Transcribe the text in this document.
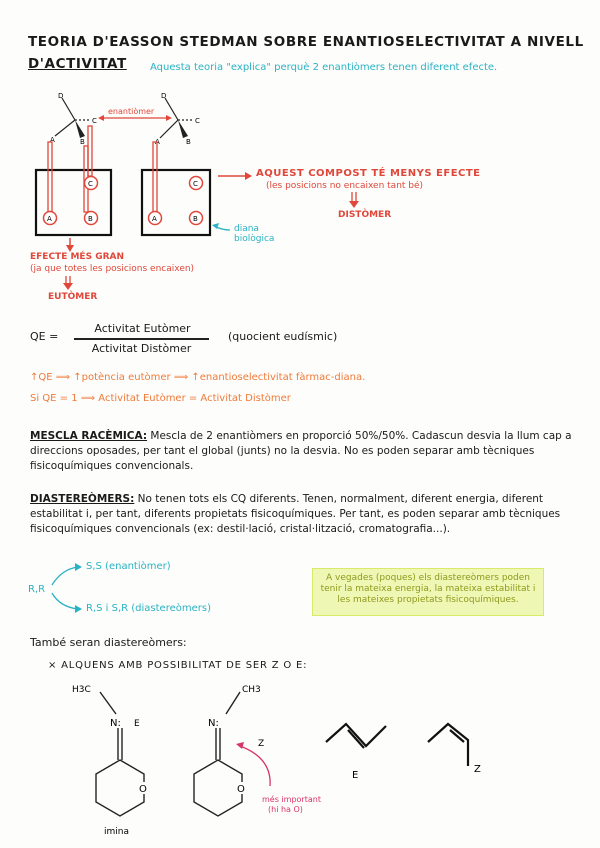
TEORIA D'EASSON STEDMAN SOBRE ENANTIOSELECTIVITAT A NIVELL
D'ACTIVITAT	Aquesta teoria "explica" perquè 2 enantiòmers tenen diferent efecte.
D
C
A	B
D
C
A	B
enantiòmer
C
A	B
C
A	B
AQUEST COMPOST TÉ MENYS EFECTE
(les posicions no encaixen tant bé)
DISTÒMER
diana
biològica
EFECTE MÉS GRAN
(ja que totes les posicions encaixen)
EUTÒMER
QE =
Activitat Eutòmer
Activitat Distòmer
(quocient eudísmic)
↑QE ⟹ ↑potència eutòmer ⟹ ↑enantioselectivitat fàrmac-diana.
Si QE = 1 ⟹ Activitat Eutòmer = Activitat Distòmer
MESCLA RACÈMICA: Mescla de 2 enantiòmers en proporció 50%/50%. Cadascun desvia la llum cap a direccions oposades, per tant el global (junts) no la desvia. No es poden separar amb tècniques fisicoquímiques convencionals.
DIASTEREÒMERS: No tenen tots els CQ diferents. Tenen, normalment, diferent energia, diferent estabilitat i, per tant, diferents propietats fisicoquímiques. Per tant, es poden separar amb tècniques fisicoquímiques convencionals (ex: destil·lació, cristal·lització, cromatografia...).
R,R
S,S (enantiòmer)
R,S i S,R (diastereòmers)
A vegades (poques) els diastereòmers poden tenir la mateixa energia, la mateixa estabilitat i les mateixes propietats fisicoquímiques.
També seran diastereòmers:
× ALQUENS AMB POSSIBILITAT DE SER Z O E:
O
H3C
N: E
imina
O
CH3
N:
Z
més important
(hi ha O)
E
Z
